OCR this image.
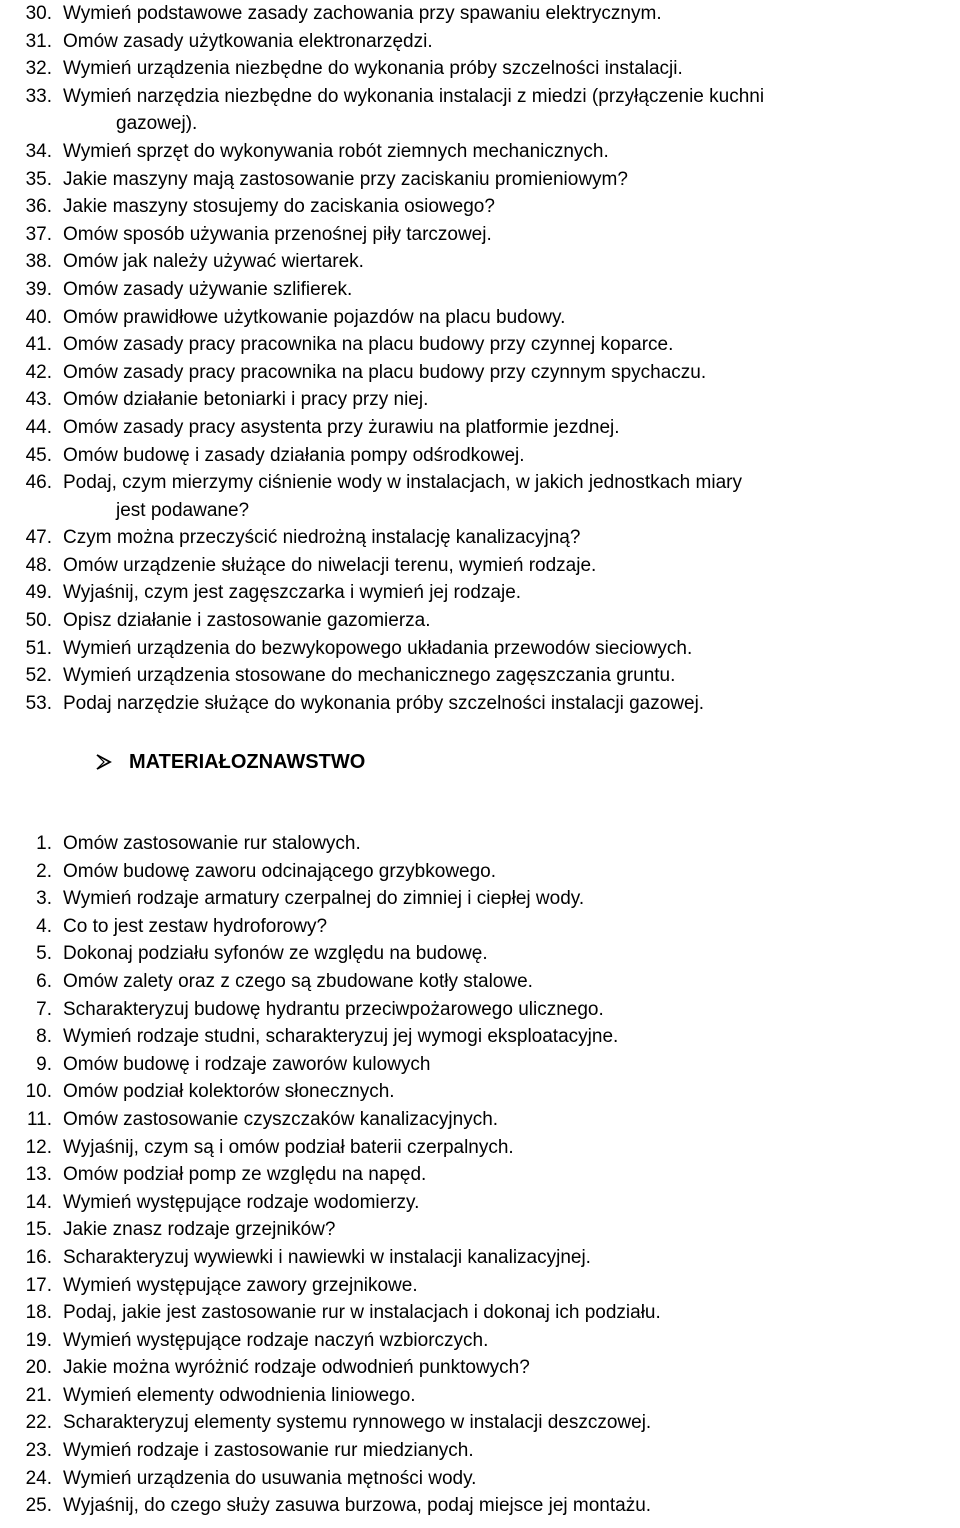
30. Wymień podstawowe zasady zachowania przy spawaniu elektrycznym.
31. Omów zasady użytkowania elektronarzędzi.
32. Wymień urządzenia niezbędne do wykonania próby szczelności instalacji.
33. Wymień narzędzia niezbędne do wykonania instalacji z miedzi (przyłączenie kuchni
gazowej).
34. Wymień sprzęt do wykonywania robót ziemnych mechanicznych.
35. Jakie maszyny mają zastosowanie przy zaciskaniu promieniowym?
36. Jakie maszyny stosujemy do zaciskania osiowego?
37. Omów sposób używania przenośnej piły tarczowej.
38. Omów jak należy używać wiertarek.
39. Omów zasady używanie szlifierek.
40. Omów prawidłowe użytkowanie pojazdów na placu budowy.
41. Omów zasady pracy pracownika na placu budowy przy czynnej koparce.
42. Omów zasady pracy pracownika na placu budowy przy czynnym spychaczu.
43. Omów działanie betoniarki i pracy przy niej.
44. Omów zasady pracy asystenta przy żurawiu na platformie jezdnej.
45. Omów budowę i zasady działania pompy odśrodkowej.
46. Podaj, czym mierzymy ciśnienie wody w instalacjach, w jakich jednostkach miary
jest podawane?
47. Czym można przeczyścić niedrożną instalację kanalizacyjną?
48. Omów urządzenie służące do niwelacji terenu, wymień rodzaje.
49. Wyjaśnij, czym jest zagęszczarka i wymień jej rodzaje.
50. Opisz działanie i zastosowanie gazomierza.
51. Wymień urządzenia do bezwykopowego układania przewodów sieciowych.
52. Wymień urządzenia stosowane do mechanicznego zagęszczania gruntu.
53. Podaj narzędzie służące do wykonania próby szczelności instalacji gazowej.
MATERIAŁOZNAWSTWO
1. Omów zastosowanie rur stalowych.
2. Omów budowę zaworu odcinającego grzybkowego.
3. Wymień rodzaje armatury czerpalnej do zimniej i ciepłej wody.
4. Co to jest zestaw hydroforowy?
5. Dokonaj podziału syfonów ze względu na budowę.
6. Omów zalety oraz z czego są zbudowane kotły stalowe.
7. Scharakteryzuj budowę hydrantu przeciwpożarowego ulicznego.
8. Wymień rodzaje studni, scharakteryzuj jej wymogi eksploatacyjne.
9. Omów budowę i rodzaje zaworów kulowych
10. Omów podział kolektorów słonecznych.
11. Omów zastosowanie czyszczaków kanalizacyjnych.
12. Wyjaśnij, czym są i omów podział baterii czerpalnych.
13. Omów podział pomp ze względu na napęd.
14. Wymień występujące rodzaje wodomierzy.
15. Jakie znasz rodzaje grzejników?
16. Scharakteryzuj wywiewki i nawiewki w instalacji kanalizacyjnej.
17. Wymień występujące zawory grzejnikowe.
18. Podaj, jakie jest zastosowanie rur w instalacjach i dokonaj ich podziału.
19. Wymień występujące rodzaje naczyń wzbiorczych.
20. Jakie można wyróżnić rodzaje odwodnień punktowych?
21. Wymień elementy odwodnienia liniowego.
22. Scharakteryzuj elementy systemu rynnowego w instalacji deszczowej.
23. Wymień rodzaje i zastosowanie rur miedzianych.
24. Wymień urządzenia do usuwania mętności wody.
25. Wyjaśnij, do czego służy zasuwa burzowa, podaj miejsce jej montażu.
